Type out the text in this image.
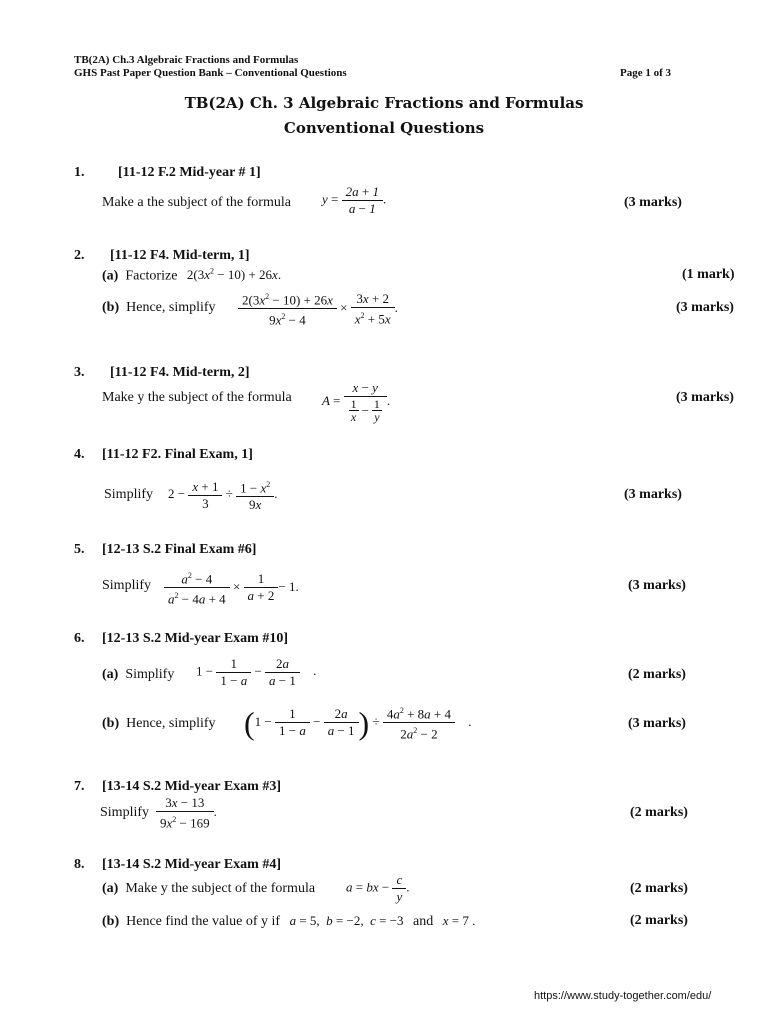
TB(2A) Ch.3 Algebraic Fractions and Formulas
GHS Past Paper Question Bank – Conventional Questions	Page 1 of 3
TB(2A) Ch. 3 Algebraic Fractions and Formulas
Conventional Questions
1. [11-12 F.2 Mid-year # 1]
Make a the subject of the formula $y = \frac{2a + 1}{a - 1}$ .	(3 marks)
2. [11-12 F4. Mid-term, 1]
(a) Factorize $2(3x^2 - 10) + 26x$.	(1 mark)
(b) Hence, simplify $\frac{2(3x^2 - 10) + 26x}{9x^2 - 4} \times \frac{3x + 2}{x^2 + 5x}$ .	(3 marks)
3. [11-12 F4. Mid-term, 2]
Make y the subject of the formula $A = \frac{x - y}{\frac{1}{x} - \frac{1}{y}}$ .	(3 marks)
4. [11-12 F2. Final Exam, 1]
Simplify $2 - \frac{x + 1}{3} \div \frac{1 - x^2}{9x}$ .	(3 marks)
5. [12-13 S.2 Final Exam #6]
Simplify $\frac{a^2 - 4}{a^2 - 4a + 4} \times \frac{1}{a + 2} - 1$.	(3 marks)
6. [12-13 S.2 Mid-year Exam #10]
(a) Simplify $1 - \frac{1}{1 - a} - \frac{2a}{a - 1}$ .	(2 marks)
(b) Hence, simplify ($1 - \frac{1}{1 - a} - \frac{2a}{a - 1}$ ) ÷ $\frac{4a^2 + 8a + 4}{2a^2 - 2}$ .	(3 marks)
7. [13-14 S.2 Mid-year Exam #3]
Simplify $\frac{3x - 13}{9x^2 - 169}$ .	(2 marks)
8. [13-14 S.2 Mid-year Exam #4]
(a) Make y the subject of the formula a = bx − $\frac{c}{y}$ .	(2 marks)
(b) Hence find the value of y if a = 5,  b = −2,  c = −3 and x = 7 .	(2 marks)
https://www.study-together.com/edu/
